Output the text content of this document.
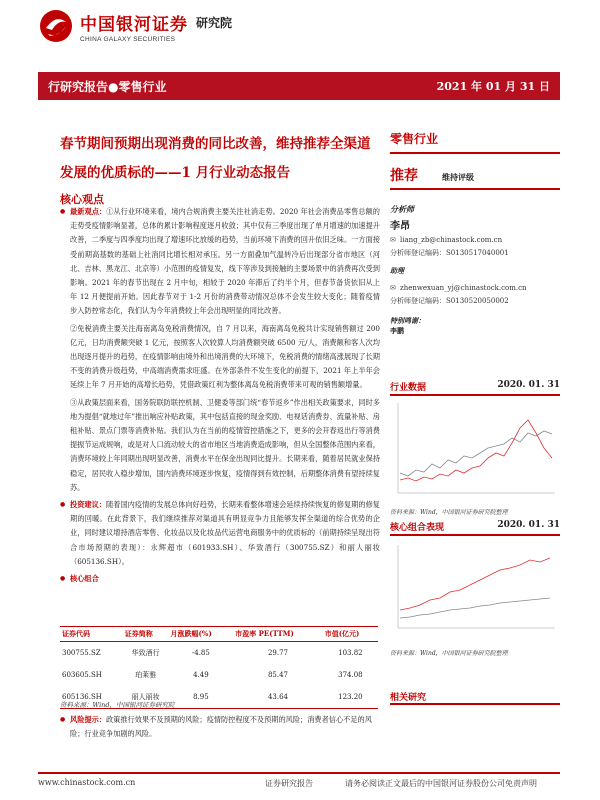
中国银河证券
CHINA GALAXY SECURITIES
研究院
行研究报告●零售行业	2021 年 01 月 31 日
春节期间预期出现消费的同比改善，维持推荐全渠道发展的优质标的——1 月行业动态报告
核心观点

● 最新观点：①从行业环境来看，境内合规消费主要关注社消走势。2020 年社会消费品零售总额的走势受疫情影响显著，总体的累计影响程度逐月收敛；其中仅有三季度出现了单月增速的加速提升改善，二季度与四季度均出现了增速环比放缓的趋势，当前环境下消费的回升依旧乏味。一方面接受前期高基数的基础上社消同比增长相对承压。另一方面叠加气温转冷后出现部分省市地区（河北、吉林、黑龙江、北京等）小范围的疫情复发，线下等涉及到接触的主要场景中的消费再次受到影响。2021 年的春节出现在 2 月中旬，相较于 2020 年滞后了约半个月，但春节备货依旧从上年 12 月便提前开始。因此春节对于 1-2 月份的消费带动情况总体不会发生较大变化；随着疫情步入防控常态化，我们认为今年消费较上年会出现明显的同比改善。

②免税消费主要关注海南离岛免税消费情况，自 7 月以来，海南离岛免税共计实现销售额过 200 亿元，日均消费额突破 1 亿元，按照客人次较算人均消费额突破 6500 元/人，消费额和客人次均出现逐月提升的趋势，在疫情影响由境外和出境消费的大环境下，免税消费的情绪高涨展现了长期不变的消费升级趋势，中高端消费需求旺盛。在外部条件不发生变化的前提下，2021 年上半年会延续上年 7 月开始的高增长趋势，凭借政策红利为整体离岛免税消费带来可观的销售额增量。

③从政策层面来看，国务院联防联控机制、卫健委等部门统“春节返乡”作出相关政策要求，同时多地为提倡“就地过年”推出响应补贴政策，其中包括直接的现金奖励、电视话消费券、流量补贴、房租补贴、景点门票等消费补贴。我们认为在当前的疫情管控措施之下，更多的会开春返出行等消费提振节运成规响，或是对人口流动较大的省市地区当地消费造成影响，但从全国整体范围内来看，消费环境较上年同期出现明显改善，消费水平在保金出现同比提升。长期来看，随着居民就业保持稳定，居民收入稳步增加，国内消费环境逐步恢复，疫情得到有效控制，后期整体消费有望持续复苏。

● 投资建议：随着国内疫情的发展总体向好趋势，长期来看整体增速会延续持续恢复的修复期的修复期的回暖。在此背景下，我们继续推荐对渠道具有明显竞争力且能够发挥全渠道的综合优势的企业，同时建议增持酒店零售、化妆品以及化妆品代运营电商服务中的优质标的（前期持续呈现出符合市场预期的表现）：永辉超市（601933.SH）、华致酒行（300755.SZ）和丽人丽妆（605136.SH）。

● 核心组合

证券代码	证券简称	月涨跌幅(%)	市盈率 PE(TTM)	市值(亿元)
300755.SZ	华致酒行	-4.85	29.77	103.82
603605.SH	珀莱雅	4.49	85.47	374.08
605136.SH	丽人丽妆	8.95	43.64	123.20
资料来源：Wind，中国银河证券研究院
● 风险提示：政策推行效果不及预期的风险；疫情防控程度不及预期的风险；消费者信心不足的风险；行业竞争加剧的风险。
零售行业
推荐	维持评级
分析师
李昂
✉ liang_zb@chinastock.com.cn
分析师登记编码：S0130517040001
助理
✉ zhenwexuan_yj@chinastock.com.cn
分析师登记编码：S0130520050002
特别鸣谢：
李鹏
行业数据	2020. 01. 31
资料来源：Wind，中国银河证券研究院整理
核心组合表现	2020. 01. 31
资料来源：Wind，中国银河证券研究院整理
相关研究
www.chinastock.com.cn	证券研究报告	请务必阅读正文最后的中国银河证券股份公司免责声明
